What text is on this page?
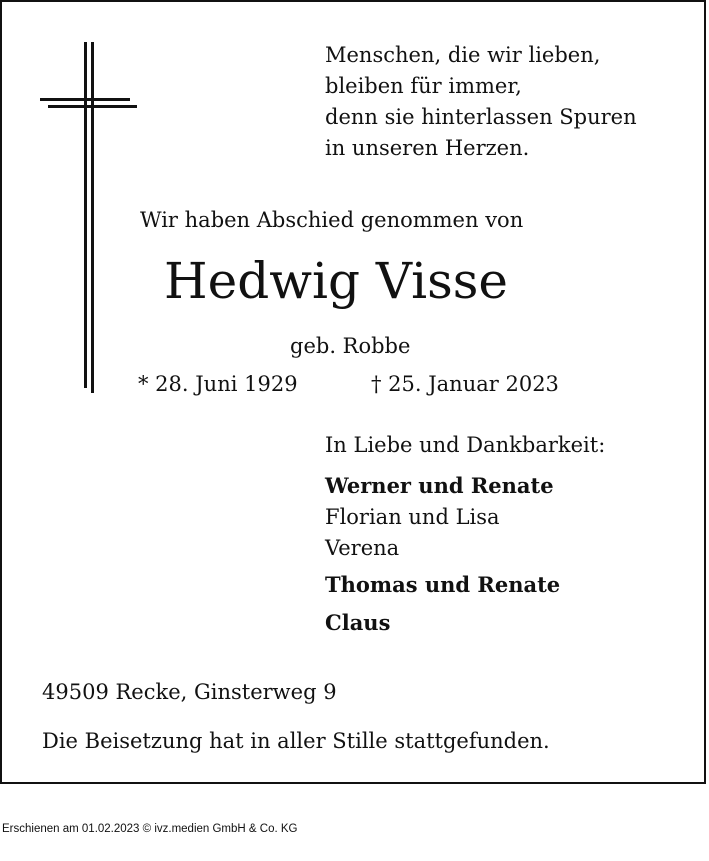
Menschen, die wir lieben,
bleiben für immer,
denn sie hinterlassen Spuren
in unseren Herzen.
Wir haben Abschied genommen von
Hedwig Visse
geb. Robbe
* 28. Juni 1929	† 25. Januar 2023
In Liebe und Dankbarkeit:
Werner und Renate
Florian und Lisa
Verena
Thomas und Renate
Claus
49509 Recke, Ginsterweg 9
Die Beisetzung hat in aller Stille stattgefunden.
Erschienen am 01.02.2023 © ivz.medien GmbH & Co. KG
